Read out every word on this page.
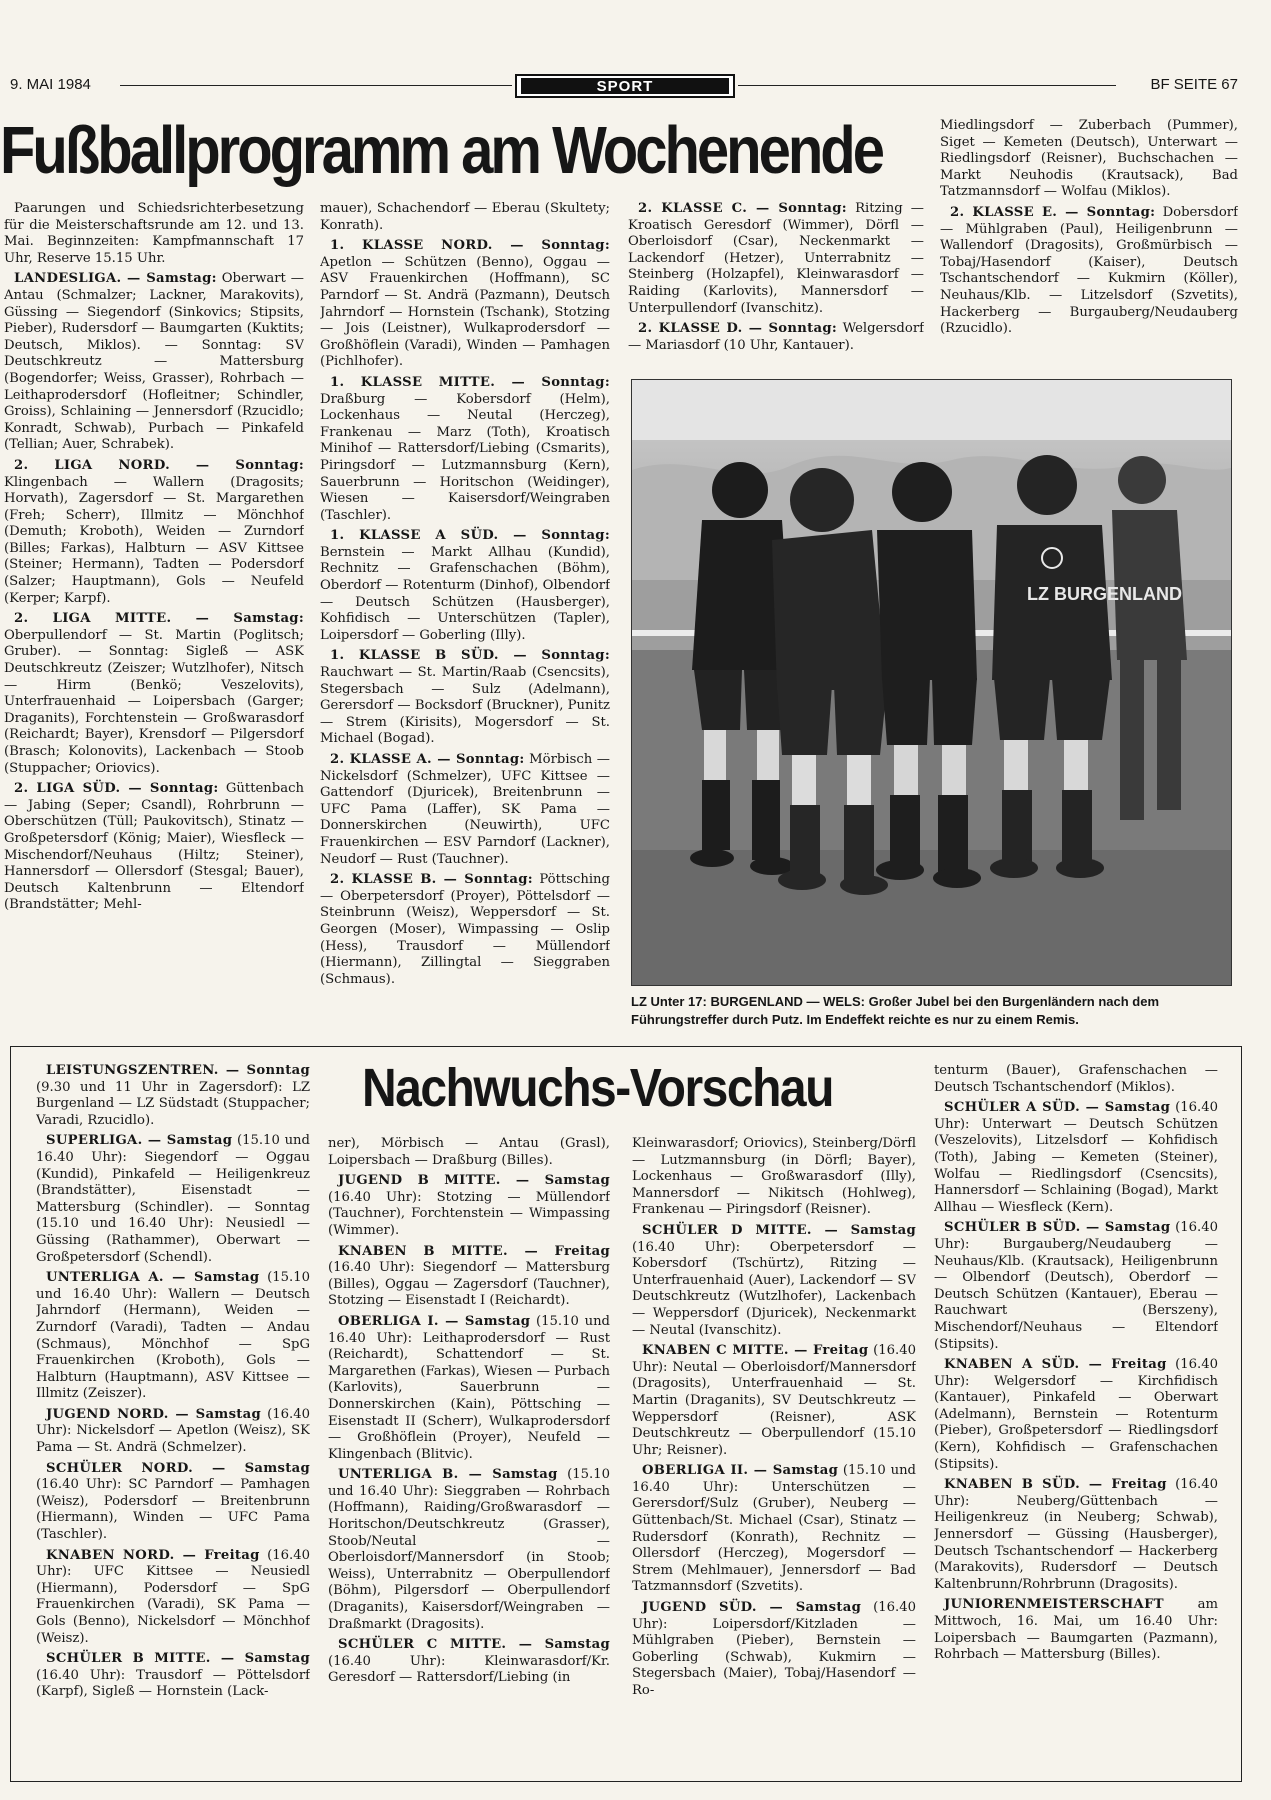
9. MAI 1984	SPORT	BF SEITE 67
Fußballprogramm am Wochenende

Paarungen und Schiedsrichterbesetzung für die Meisterschaftsrunde am 12. und 13. Mai. Beginnzeiten: Kampfmannschaft 17 Uhr, Reserve 15.15 Uhr.

LANDESLIGA. — Samstag: Oberwart — Antau (Schmalzer; Lackner, Marakovits), Güssing — Siegendorf (Sinkovics; Stipsits, Pieber), Rudersdorf — Baumgarten (Kuktits; Deutsch, Miklos). — Sonntag: SV Deutschkreutz — Mattersburg (Bogendorfer; Weiss, Grasser), Rohrbach — Leithaprodersdorf (Hofleitner; Schindler, Groiss), Schlaining — Jennersdorf (Rzucidlo; Konradt, Schwab), Purbach — Pinkafeld (Tellian; Auer, Schrabek).

2. LIGA NORD. — Sonntag: Klingenbach — Wallern (Dragosits; Horvath), Zagersdorf — St. Margarethen (Freh; Scherr), Illmitz — Mönchhof (Demuth; Kroboth), Weiden — Zurndorf (Billes; Farkas), Halbturn — ASV Kittsee (Steiner; Hermann), Tadten — Podersdorf (Salzer; Hauptmann), Gols — Neufeld (Kerper; Karpf).

2. LIGA MITTE. — Samstag: Oberpullendorf — St. Martin (Poglitsch; Gruber). — Sonntag: Sigleß — ASK Deutschkreutz (Zeiszer; Wutzlhofer), Nitsch — Hirm (Benkö; Veszelovits), Unterfrauenhaid — Loipersbach (Garger; Draganits), Forchtenstein — Großwarasdorf (Reichardt; Bayer), Krensdorf — Pilgersdorf (Brasch; Kolonovits), Lackenbach — Stoob (Stuppacher; Oriovics).

2. LIGA SÜD. — Sonntag: Güttenbach — Jabing (Seper; Csandl), Rohrbrunn — Oberschützen (Tüll; Paukovitsch), Stinatz — Großpetersdorf (König; Maier), Wiesfleck — Mischendorf/Neuhaus (Hiltz; Steiner), Hannersdorf — Ollersdorf (Stesgal; Bauer), Deutsch Kaltenbrunn — Eltendorf (Brandstätter; Mehl-

mauer), Schachendorf — Eberau (Skultety; Konrath).

1. KLASSE NORD. — Sonntag: Apetlon — Schützen (Benno), Oggau — ASV Frauenkirchen (Hoffmann), SC Parndorf — St. Andrä (Pazmann), Deutsch Jahrndorf — Hornstein (Tschank), Stotzing — Jois (Leistner), Wulkaprodersdorf — Großhöflein (Varadi), Winden — Pamhagen (Pichlhofer).

1. KLASSE MITTE. — Sonntag: Draßburg — Kobersdorf (Helm), Lockenhaus — Neutal (Herczeg), Frankenau — Marz (Toth), Kroatisch Minihof — Rattersdorf/Liebing (Csmarits), Piringsdorf — Lutzmannsburg (Kern), Sauerbrunn — Horitschon (Weidinger), Wiesen — Kaisersdorf/Weingraben (Taschler).

1. KLASSE A SÜD. — Sonntag: Bernstein — Markt Allhau (Kundid), Rechnitz — Grafenschachen (Böhm), Oberdorf — Rotenturm (Dinhof), Olbendorf — Deutsch Schützen (Hausberger), Kohfidisch — Unterschützen (Tapler), Loipersdorf — Goberling (Illy).

1. KLASSE B SÜD. — Sonntag: Rauchwart — St. Martin/Raab (Csencsits), Stegersbach — Sulz (Adelmann), Gerersdorf — Bocksdorf (Bruckner), Punitz — Strem (Kirisits), Mogersdorf — St. Michael (Bogad).

2. KLASSE A. — Sonntag: Mörbisch — Nickelsdorf (Schmelzer), UFC Kittsee — Gattendorf (Djuricek), Breitenbrunn — UFC Pama (Laffer), SK Pama — Donnerskirchen (Neuwirth), UFC Frauenkirchen — ESV Parndorf (Lackner), Neudorf — Rust (Tauchner).

2. KLASSE B. — Sonntag: Pöttsching — Oberpetersdorf (Proyer), Pöttelsdorf — Steinbrunn (Weisz), Weppersdorf — St. Georgen (Moser), Wimpassing — Oslip (Hess), Trausdorf — Müllendorf (Hiermann), Zillingtal — Sieggraben (Schmaus).

2. KLASSE C. — Sonntag: Ritzing — Kroatisch Geresdorf (Wimmer), Dörfl — Oberloisdorf (Csar), Neckenmarkt — Lackendorf (Hetzer), Unterrabnitz — Steinberg (Holzapfel), Kleinwarasdorf — Raiding (Karlovits), Mannersdorf — Unterpullendorf (Ivanschitz).

2. KLASSE D. — Sonntag: Welgersdorf — Mariasdorf (10 Uhr, Kantauer).

Miedlingsdorf — Zuberbach (Pummer), Siget — Kemeten (Deutsch), Unterwart — Riedlingsdorf (Reisner), Buchschachen — Markt Neuhodis (Krautsack), Bad Tatzmannsdorf — Wolfau (Miklos).

2. KLASSE E. — Sonntag: Dobersdorf — Mühlgraben (Paul), Heiligenbrunn — Wallendorf (Dragosits), Großmürbisch — Tobaj/Hasendorf (Kaiser), Deutsch Tschantschendorf — Kukmirn (Köller), Neuhaus/Klb. — Litzelsdorf (Szvetits), Hackerberg — Burgauberg/Neudauberg (Rzucidlo).

LZ BURGENLAND
LZ Unter 17: BURGENLAND — WELS: Großer Jubel bei den Burgenländern nach dem Führungstreffer durch Putz. Im Endeffekt reichte es nur zu einem Remis.
Nachwuchs-Vorschau

LEISTUNGSZENTREN. — Sonntag (9.30 und 11 Uhr in Zagersdorf): LZ Burgenland — LZ Südstadt (Stuppacher; Varadi, Rzucidlo).

SUPERLIGA. — Samstag (15.10 und 16.40 Uhr): Siegendorf — Oggau (Kundid), Pinkafeld — Heiligenkreuz (Brandstätter), Eisenstadt — Mattersburg (Schindler). — Sonntag (15.10 und 16.40 Uhr): Neusiedl — Güssing (Rathammer), Oberwart — Großpetersdorf (Schendl).

UNTERLIGA A. — Samstag (15.10 und 16.40 Uhr): Wallern — Deutsch Jahrndorf (Hermann), Weiden — Zurndorf (Varadi), Tadten — Andau (Schmaus), Mönchhof — SpG Frauenkirchen (Kroboth), Gols — Halbturn (Hauptmann), ASV Kittsee — Illmitz (Zeiszer).

JUGEND NORD. — Samstag (16.40 Uhr): Nickelsdorf — Apetlon (Weisz), SK Pama — St. Andrä (Schmelzer).

SCHÜLER NORD. — Samstag (16.40 Uhr): SC Parndorf — Pamhagen (Weisz), Podersdorf — Breitenbrunn (Hiermann), Winden — UFC Pama (Taschler).

KNABEN NORD. — Freitag (16.40 Uhr): UFC Kittsee — Neusiedl (Hiermann), Podersdorf — SpG Frauenkirchen (Varadi), SK Pama — Gols (Benno), Nickelsdorf — Mönchhof (Weisz).

SCHÜLER B MITTE. — Samstag (16.40 Uhr): Trausdorf — Pöttelsdorf (Karpf), Sigleß — Hornstein (Lack-

ner), Mörbisch — Antau (Grasl), Loipersbach — Draßburg (Billes).

JUGEND B MITTE. — Samstag (16.40 Uhr): Stotzing — Müllendorf (Tauchner), Forchtenstein — Wimpassing (Wimmer).

KNABEN B MITTE. — Freitag (16.40 Uhr): Siegendorf — Mattersburg (Billes), Oggau — Zagersdorf (Tauchner), Stotzing — Eisenstadt I (Reichardt).

OBERLIGA I. — Samstag (15.10 und 16.40 Uhr): Leithaprodersdorf — Rust (Reichardt), Schattendorf — St. Margarethen (Farkas), Wiesen — Purbach (Karlovits), Sauerbrunn — Donnerskirchen (Kain), Pöttsching — Eisenstadt II (Scherr), Wulkaprodersdorf — Großhöflein (Proyer), Neufeld — Klingenbach (Blitvic).

UNTERLIGA B. — Samstag (15.10 und 16.40 Uhr): Sieggraben — Rohrbach (Hoffmann), Raiding/Großwarasdorf — Horitschon/Deutschkreutz (Grasser), Stoob/Neutal — Oberloisdorf/Mannersdorf (in Stoob; Weiss), Unterrabnitz — Oberpullendorf (Böhm), Pilgersdorf — Oberpullendorf (Draganits), Kaisersdorf/Weingraben — Draßmarkt (Dragosits).

SCHÜLER C MITTE. — Samstag (16.40 Uhr): Kleinwarasdorf/Kr. Geresdorf — Rattersdorf/Liebing (in

Kleinwarasdorf; Oriovics), Steinberg/Dörfl — Lutzmannsburg (in Dörfl; Bayer), Lockenhaus — Großwarasdorf (Illy), Mannersdorf — Nikitsch (Hohlweg), Frankenau — Piringsdorf (Reisner).

SCHÜLER D MITTE. — Samstag (16.40 Uhr): Oberpetersdorf — Kobersdorf (Tschürtz), Ritzing — Unterfrauenhaid (Auer), Lackendorf — SV Deutschkreutz (Wutzlhofer), Lackenbach — Weppersdorf (Djuricek), Neckenmarkt — Neutal (Ivanschitz).

KNABEN C MITTE. — Freitag (16.40 Uhr): Neutal — Oberloisdorf/Mannersdorf (Dragosits), Unterfrauenhaid — St. Martin (Draganits), SV Deutschkreutz — Weppersdorf (Reisner), ASK Deutschkreutz — Oberpullendorf (15.10 Uhr; Reisner).

OBERLIGA II. — Samstag (15.10 und 16.40 Uhr): Unterschützen — Gerersdorf/Sulz (Gruber), Neuberg — Güttenbach/St. Michael (Csar), Stinatz — Rudersdorf (Konrath), Rechnitz — Ollersdorf (Herczeg), Mogersdorf — Strem (Mehlmauer), Jennersdorf — Bad Tatzmannsdorf (Szvetits).

JUGEND SÜD. — Samstag (16.40 Uhr): Loipersdorf/Kitzladen — Mühlgraben (Pieber), Bernstein — Goberling (Schwab), Kukmirn — Stegersbach (Maier), Tobaj/Hasendorf — Ro-

tenturm (Bauer), Grafenschachen — Deutsch Tschantschendorf (Miklos).

SCHÜLER A SÜD. — Samstag (16.40 Uhr): Unterwart — Deutsch Schützen (Veszelovits), Litzelsdorf — Kohfidisch (Toth), Jabing — Kemeten (Steiner), Wolfau — Riedlingsdorf (Csencsits), Hannersdorf — Schlaining (Bogad), Markt Allhau — Wiesfleck (Kern).

SCHÜLER B SÜD. — Samstag (16.40 Uhr): Burgauberg/Neudauberg — Neuhaus/Klb. (Krautsack), Heiligenbrunn — Olbendorf (Deutsch), Oberdorf — Deutsch Schützen (Kantauer), Eberau — Rauchwart (Berszeny), Mischendorf/Neuhaus — Eltendorf (Stipsits).

KNABEN A SÜD. — Freitag (16.40 Uhr): Welgersdorf — Kirchfidisch (Kantauer), Pinkafeld — Oberwart (Adelmann), Bernstein — Rotenturm (Pieber), Großpetersdorf — Riedlingsdorf (Kern), Kohfidisch — Grafenschachen (Stipsits).

KNABEN B SÜD. — Freitag (16.40 Uhr): Neuberg/Güttenbach — Heiligenkreuz (in Neuberg; Schwab), Jennersdorf — Güssing (Hausberger), Deutsch Tschantschendorf — Hackerberg (Marakovits), Rudersdorf — Deutsch Kaltenbrunn/Rohrbrunn (Dragosits).

JUNIORENMEISTERSCHAFT am Mittwoch, 16. Mai, um 16.40 Uhr: Loipersbach — Baumgarten (Pazmann), Rohrbach — Mattersburg (Billes).
